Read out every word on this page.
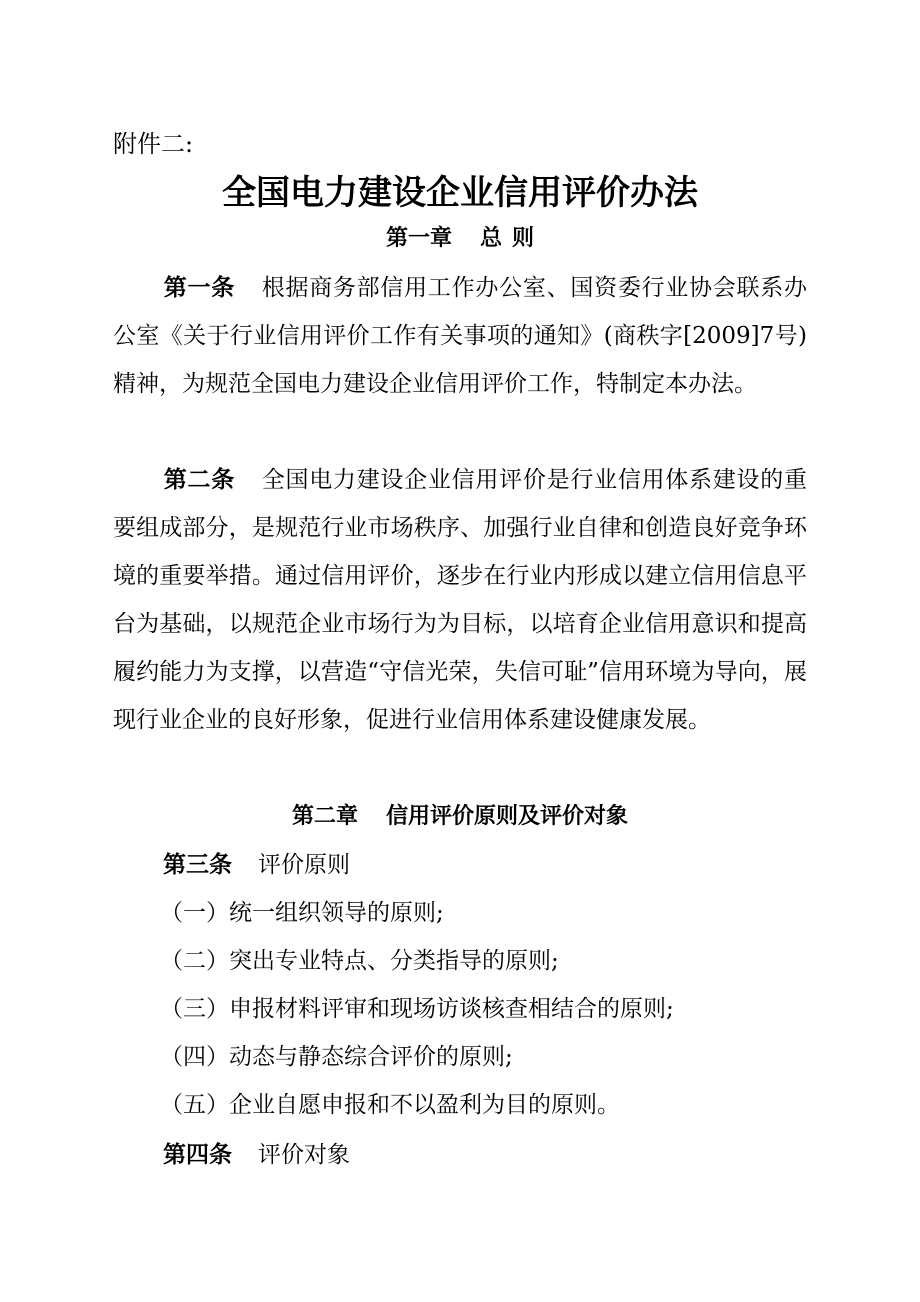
附件二:
全国电力建设企业信用评价办法
第一章 总 则
第一条 根据商务部信用工作办公室、国资委行业协会联系办公室《关于行业信用评价工作有关事项的通知》(商秩字[2009]7号)精神，为规范全国电力建设企业信用评价工作，特制定本办法。
第二条 全国电力建设企业信用评价是行业信用体系建设的重要组成部分，是规范行业市场秩序、加强行业自律和创造良好竞争环境的重要举措。通过信用评价，逐步在行业内形成以建立信用信息平台为基础，以规范企业市场行为为目标，以培育企业信用意识和提高履约能力为支撑，以营造“守信光荣，失信可耻”信用环境为导向，展现行业企业的良好形象，促进行业信用体系建设健康发展。
第二章 信用评价原则及评价对象
第三条 评价原则
（一）统一组织领导的原则;
（二）突出专业特点、分类指导的原则;
（三）申报材料评审和现场访谈核查相结合的原则;
（四）动态与静态综合评价的原则;
（五）企业自愿申报和不以盈利为目的原则。
第四条 评价对象
